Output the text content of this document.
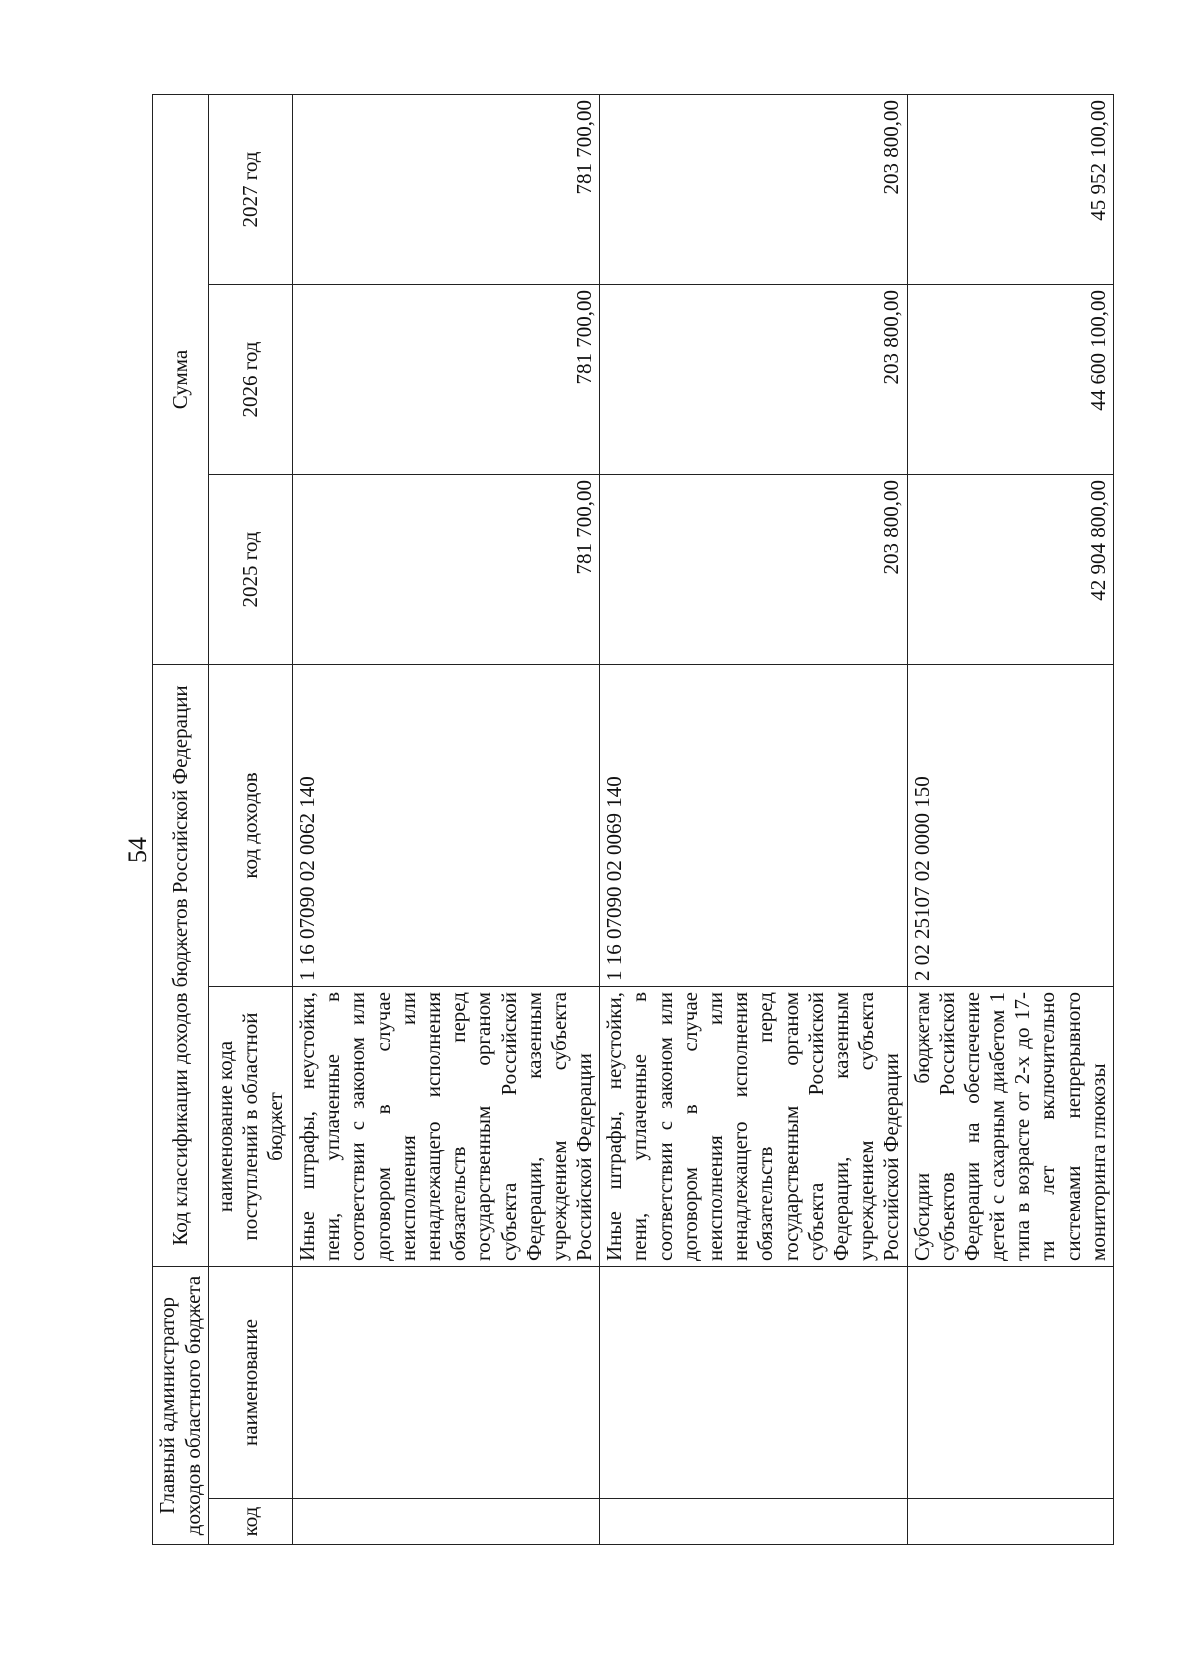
54
Главный администратор доходов областного бюджета		Код классификации доходов бюджетов Российской Федерации		Сумма		
код	наименование	наименование кода поступлений в областной бюджет	код доходов	2025 год	2026 год	2027 год
		Иные штрафы, неустойки, пени, уплаченные в соответствии с законом или договором в случае неисполнения или ненадлежащего исполнения обязательств перед государственным органом субъекта Российской Федерации, казенным учреждением субъекта Российской Федерации	1 16 07090 02 0062 140	781 700,00	781 700,00	781 700,00
		Иные штрафы, неустойки, пени, уплаченные в соответствии с законом или договором в случае неисполнения или ненадлежащего исполнения обязательств перед государственным органом субъекта Российской Федерации, казенным учреждением субъекта Российской Федерации	1 16 07090 02 0069 140	203 800,00	203 800,00	203 800,00
		Субсидии бюджетам субъектов Российской Федерации на обеспечение детей с сахарным диабетом 1 типа в возрасте от 2-х до 17-ти лет включительно системами непрерывного мониторинга глюкозы	2 02 25107 02 0000 150	42 904 800,00	44 600 100,00	45 952 100,00
